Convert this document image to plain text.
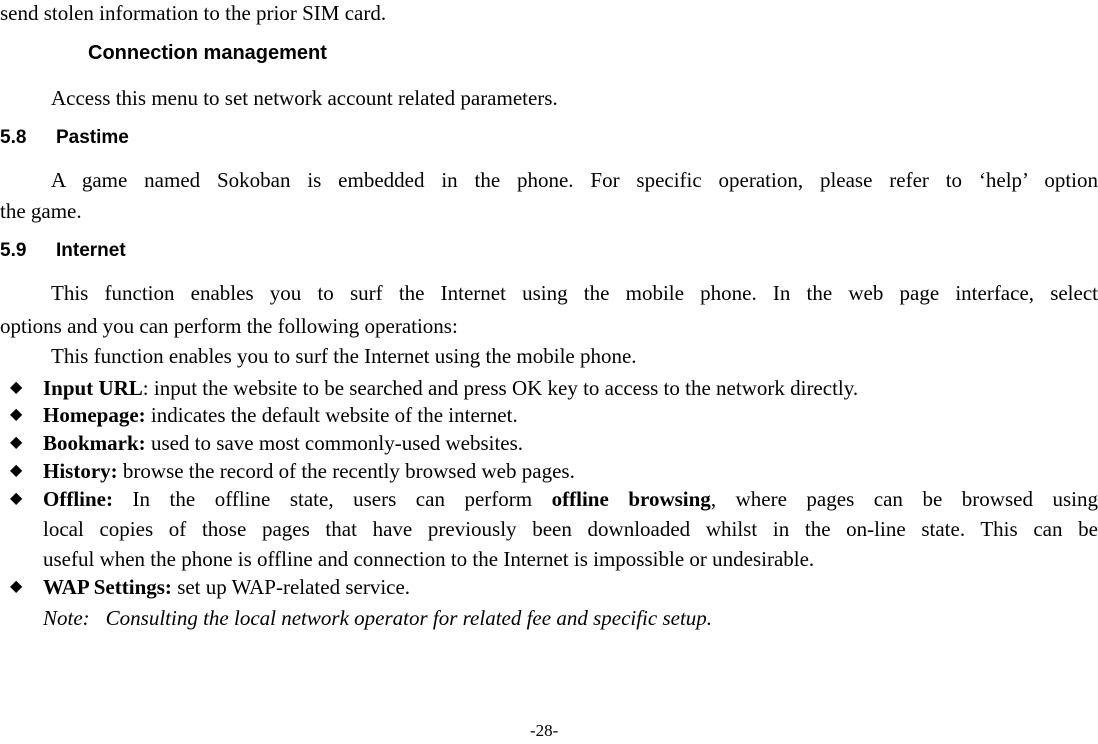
send stolen information to the prior SIM card.
Connection management
Access this menu to set network account related parameters.
5.8 Pastime
A game named Sokoban is embedded in the phone. For specific operation, please refer to ‘help’ option
the game.
5.9 Internet
This function enables you to surf the Internet using the mobile phone. In the web page interface, select
options and you can perform the following operations:
This function enables you to surf the Internet using the mobile phone.
◆ Input URL: input the website to be searched and press OK key to access to the network directly.
◆ Homepage: indicates the default website of the internet.
◆ Bookmark: used to save most commonly-used websites.
◆ History: browse the record of the recently browsed web pages.
◆ Offline: In the offline state, users can perform offline browsing, where pages can be browsed using
local copies of those pages that have previously been downloaded whilst in the on-line state. This can be
useful when the phone is offline and connection to the Internet is impossible or undesirable.
◆ WAP Settings: set up WAP-related service.
Note: Consulting the local network operator for related fee and specific setup.
-28-
